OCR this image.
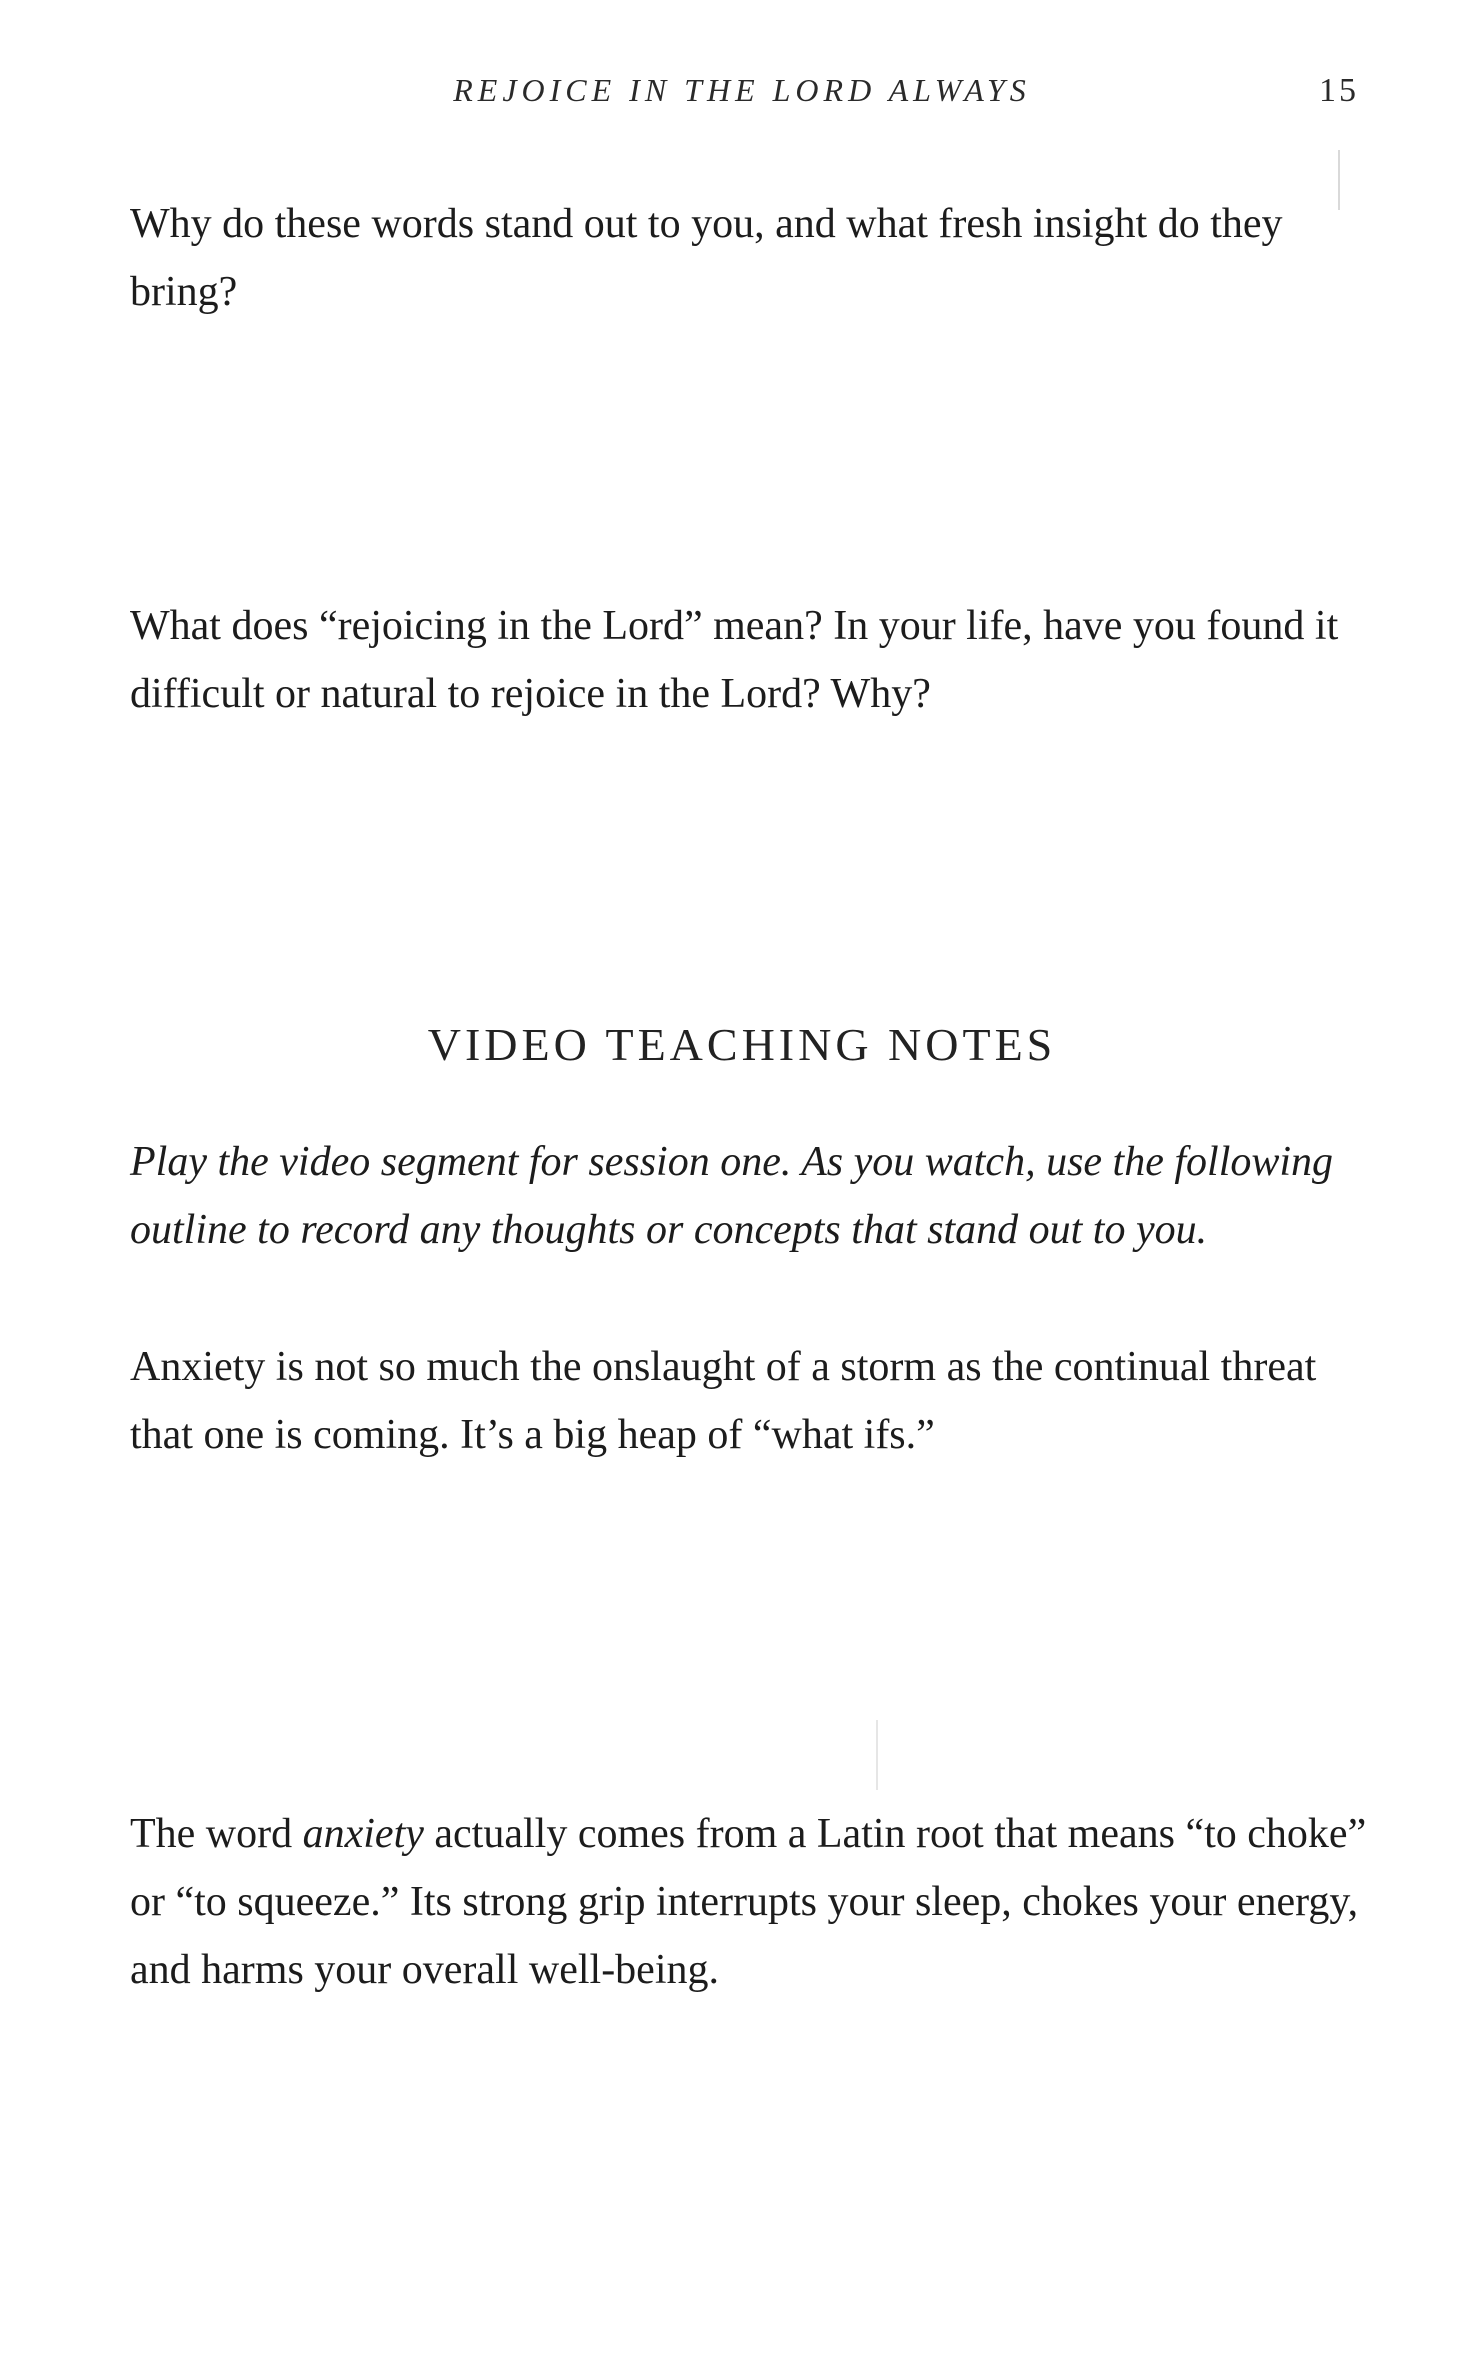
REJOICE IN THE LORD ALWAYS	15

Why do these words stand out to you, and what fresh insight do they bring?

What does “rejoicing in the Lord” mean? In your life, have you found it difficult or natural to rejoice in the Lord? Why?

VIDEO TEACHING NOTES

Play the video segment for session one. As you watch, use the following outline to record any thoughts or concepts that stand out to you.

Anxiety is not so much the onslaught of a storm as the continual threat that one is coming. It’s a big heap of “what ifs.”

The word anxiety actually comes from a Latin root that means “to choke” or “to squeeze.” Its strong grip interrupts your sleep, chokes your energy, and harms your overall well-being.
